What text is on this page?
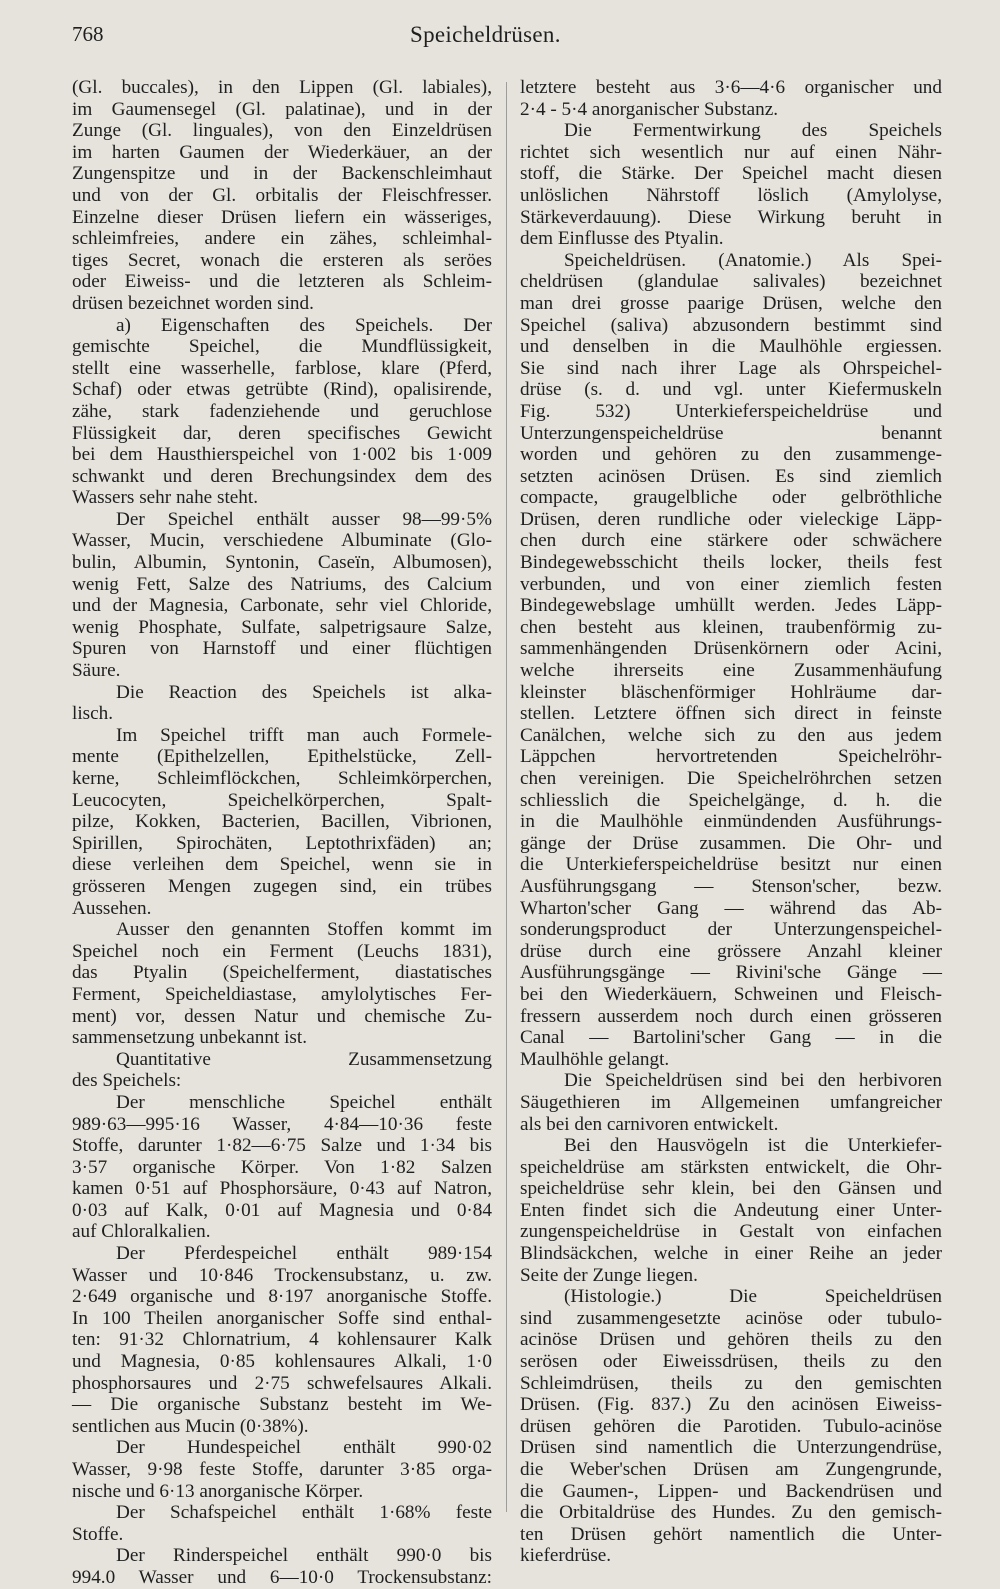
768	Speicheldrüsen.
(Gl. buccales), in den Lippen (Gl. labiales),
im Gaumensegel (Gl. palatinae), und in der
Zunge (Gl. linguales), von den Einzeldrüsen
im harten Gaumen der Wiederkäuer, an der
Zungenspitze und in der Backenschleimhaut
und von der Gl. orbitalis der Fleischfresser.
Einzelne dieser Drüsen liefern ein wässeriges,
schleimfreies, andere ein zähes, schleimhal-
tiges Secret, wonach die ersteren als seröes
oder Eiweiss- und die letzteren als Schleim-
drüsen bezeichnet worden sind.
a) Eigenschaften des Speichels. Der
gemischte Speichel, die Mundflüssigkeit,
stellt eine wasserhelle, farblose, klare (Pferd,
Schaf) oder etwas getrübte (Rind), opalisirende,
zähe, stark fadenziehende und geruchlose
Flüssigkeit dar, deren specifisches Gewicht
bei dem Hausthierspeichel von 1·002 bis 1·009
schwankt und deren Brechungsindex dem des
Wassers sehr nahe steht.
Der Speichel enthält ausser 98—99·5%
Wasser, Mucin, verschiedene Albuminate (Glo-
bulin, Albumin, Syntonin, Caseïn, Albumosen),
wenig Fett, Salze des Natriums, des Calcium
und der Magnesia, Carbonate, sehr viel Chloride,
wenig Phosphate, Sulfate, salpetrigsaure Salze,
Spuren von Harnstoff und einer flüchtigen
Säure.
Die Reaction des Speichels ist alka-
lisch.
Im Speichel trifft man auch Formele-
mente (Epithelzellen, Epithelstücke, Zell-
kerne, Schleimflöckchen, Schleimkörperchen,
Leucocyten, Speichelkörperchen, Spalt-
pilze, Kokken, Bacterien, Bacillen, Vibrionen,
Spirillen, Spirochäten, Leptothrixfäden) an;
diese verleihen dem Speichel, wenn sie in
grösseren Mengen zugegen sind, ein trübes
Aussehen.
Ausser den genannten Stoffen kommt im
Speichel noch ein Ferment (Leuchs 1831),
das Ptyalin (Speichelferment, diastatisches
Ferment, Speicheldiastase, amylolytisches Fer-
ment) vor, dessen Natur und chemische Zu-
sammensetzung unbekannt ist.
Quantitative Zusammensetzung
des Speichels:
Der menschliche Speichel enthält
989·63—995·16 Wasser, 4·84—10·36 feste
Stoffe, darunter 1·82—6·75 Salze und 1·34 bis
3·57 organische Körper. Von 1·82 Salzen
kamen 0·51 auf Phosphorsäure, 0·43 auf Natron,
0·03 auf Kalk, 0·01 auf Magnesia und 0·84
auf Chloralkalien.
Der Pferdespeichel enthält 989·154
Wasser und 10·846 Trockensubstanz, u. zw.
2·649 organische und 8·197 anorganische Stoffe.
In 100 Theilen anorganischer Soffe sind enthal-
ten: 91·32 Chlornatrium, 4 kohlensaurer Kalk
und Magnesia, 0·85 kohlensaures Alkali, 1·0
phosphorsaures und 2·75 schwefelsaures Alkali.
— Die organische Substanz besteht im We-
sentlichen aus Mucin (0·38%).
Der Hundespeichel enthält 990·02
Wasser, 9·98 feste Stoffe, darunter 3·85 orga-
nische und 6·13 anorganische Körper.
Der Schafspeichel enthält 1·68% feste
Stoffe.
Der Rinderspeichel enthält 990·0 bis
994.0 Wasser und 6—10·0 Trockensubstanz:
letztere besteht aus 3·6—4·6 organischer und
2·4 - 5·4 anorganischer Substanz.
Die Fermentwirkung des Speichels
richtet sich wesentlich nur auf einen Nähr-
stoff, die Stärke. Der Speichel macht diesen
unlöslichen Nährstoff löslich (Amylolyse,
Stärkeverdauung). Diese Wirkung beruht in
dem Einflusse des Ptyalin.
Speicheldrüsen. (Anatomie.) Als Spei-
cheldrüsen (glandulae salivales) bezeichnet
man drei grosse paarige Drüsen, welche den
Speichel (saliva) abzusondern bestimmt sind
und denselben in die Maulhöhle ergiessen.
Sie sind nach ihrer Lage als Ohrspeichel-
drüse (s. d. und vgl. unter Kiefermuskeln
Fig. 532) Unterkieferspeicheldrüse und
Unterzungenspeicheldrüse benannt
worden und gehören zu den zusammenge-
setzten acinösen Drüsen. Es sind ziemlich
compacte, graugelbliche oder gelbröthliche
Drüsen, deren rundliche oder vieleckige Läpp-
chen durch eine stärkere oder schwächere
Bindegewebsschicht theils locker, theils fest
verbunden, und von einer ziemlich festen
Bindegewebslage umhüllt werden. Jedes Läpp-
chen besteht aus kleinen, traubenförmig zu-
sammenhängenden Drüsenkörnern oder Acini,
welche ihrerseits eine Zusammenhäufung
kleinster bläschenförmiger Hohlräume dar-
stellen. Letztere öffnen sich direct in feinste
Canälchen, welche sich zu den aus jedem
Läppchen hervortretenden Speichelröhr-
chen vereinigen. Die Speichelröhrchen setzen
schliesslich die Speichelgänge, d. h. die
in die Maulhöhle einmündenden Ausführungs-
gänge der Drüse zusammen. Die Ohr- und
die Unterkieferspeicheldrüse besitzt nur einen
Ausführungsgang — Stenson'scher, bezw.
Wharton'scher Gang — während das Ab-
sonderungsproduct der Unterzungenspeichel-
drüse durch eine grössere Anzahl kleiner
Ausführungsgänge — Rivini'sche Gänge —
bei den Wiederkäuern, Schweinen und Fleisch-
fressern ausserdem noch durch einen grösseren
Canal — Bartolini'scher Gang — in die
Maulhöhle gelangt.
Die Speicheldrüsen sind bei den herbivoren
Säugethieren im Allgemeinen umfangreicher
als bei den carnivoren entwickelt.
Bei den Hausvögeln ist die Unterkiefer-
speicheldrüse am stärksten entwickelt, die Ohr-
speicheldrüse sehr klein, bei den Gänsen und
Enten findet sich die Andeutung einer Unter-
zungenspeicheldrüse in Gestalt von einfachen
Blindsäckchen, welche in einer Reihe an jeder
Seite der Zunge liegen.
(Histologie.) Die Speicheldrüsen
sind zusammengesetzte acinöse oder tubulo-
acinöse Drüsen und gehören theils zu den
serösen oder Eiweissdrüsen, theils zu den
Schleimdrüsen, theils zu den gemischten
Drüsen. (Fig. 837.) Zu den acinösen Eiweiss-
drüsen gehören die Parotiden. Tubulo-acinöse
Drüsen sind namentlich die Unterzungendrüse,
die Weber'schen Drüsen am Zungengrunde,
die Gaumen-, Lippen- und Backendrüsen und
die Orbitaldrüse des Hundes. Zu den gemisch-
ten Drüsen gehört namentlich die Unter-
kieferdrüse.
